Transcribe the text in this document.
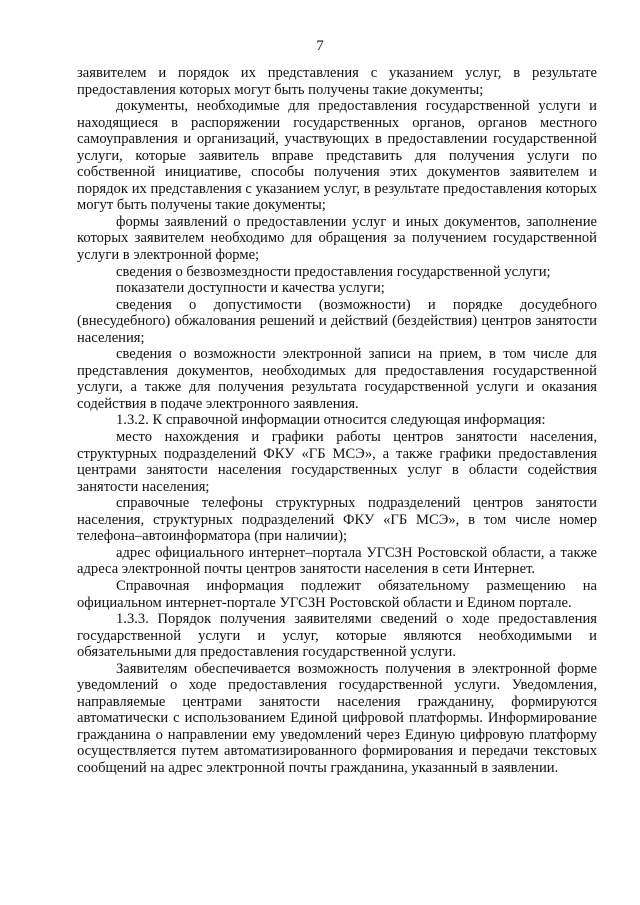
7

заявителем и порядок их представления с указанием услуг, в результате предоставления которых могут быть получены такие документы;

документы, необходимые для предоставления государственной услуги и находящиеся в распоряжении государственных органов, органов местного самоуправления и организаций, участвующих в предоставлении государственной услуги, которые заявитель вправе представить для получения услуги по собственной инициативе, способы получения этих документов заявителем и порядок их представления с указанием услуг, в результате предоставления которых могут быть получены такие документы;

формы заявлений о предоставлении услуг и иных документов, заполнение которых заявителем необходимо для обращения за получением государственной услуги в электронной форме;

сведения о безвозмездности предоставления государственной услуги;

показатели доступности и качества услуги;

сведения о допустимости (возможности) и порядке досудебного (внесудебного) обжалования решений и действий (бездействия) центров занятости населения;

сведения о возможности электронной записи на прием, в том числе для представления документов, необходимых для предоставления государственной услуги, а также для получения результата государственной услуги и оказания содействия в подаче электронного заявления.

1.3.2. К справочной информации относится следующая информация:

место нахождения и графики работы центров занятости населения, структурных подразделений ФКУ «ГБ МСЭ», а также графики предоставления центрами занятости населения государственных услуг в области содействия занятости населения;

справочные телефоны структурных подразделений центров занятости населения, структурных подразделений ФКУ «ГБ МСЭ», в том числе номер телефона–автоинформатора (при наличии);

адрес официального интернет–портала УГСЗН Ростовской области, а также адреса электронной почты центров занятости населения в сети Интернет.

Справочная информация подлежит обязательному размещению на официальном интернет-портале УГСЗН Ростовской области и Едином портале.

1.3.3. Порядок получения заявителями сведений о ходе предоставления государственной услуги и услуг, которые являются необходимыми и обязательными для предоставления государственной услуги.

Заявителям обеспечивается возможность получения в электронной форме уведомлений о ходе предоставления государственной услуги. Уведомления, направляемые центрами занятости населения гражданину, формируются автоматически с использованием Единой цифровой платформы. Информирование гражданина о направлении ему уведомлений через Единую цифровую платформу осуществляется путем автоматизированного формирования и передачи текстовых сообщений на адрес электронной почты гражданина, указанный в заявлении.
